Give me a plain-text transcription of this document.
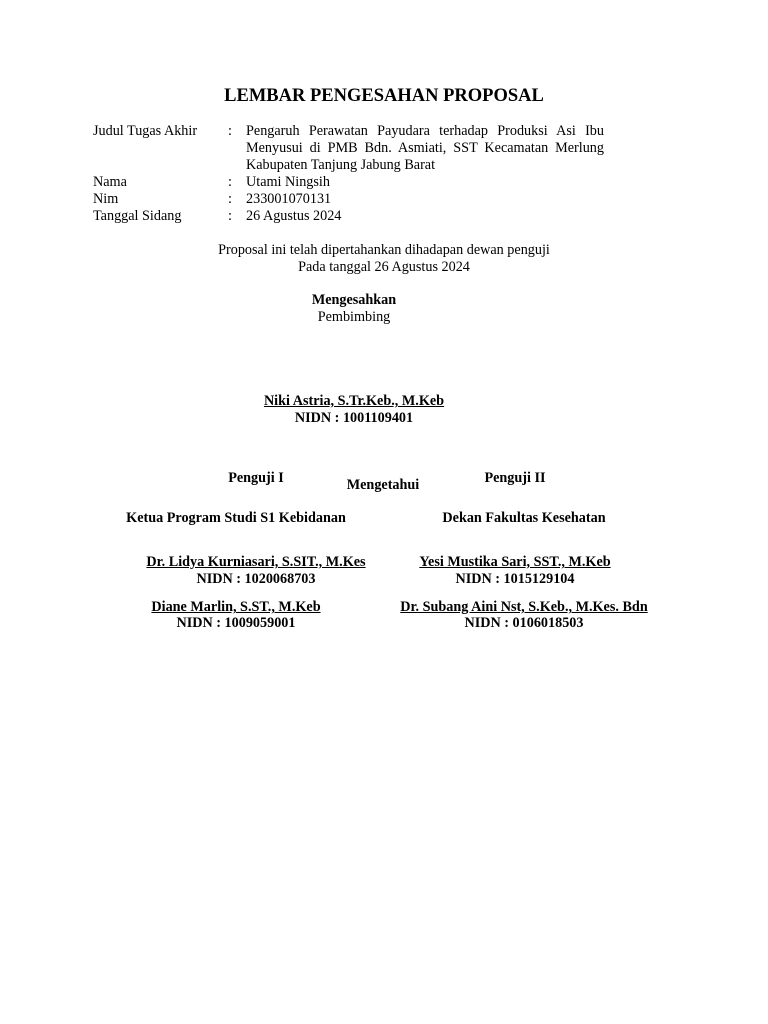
LEMBAR PENGESAHAN PROPOSAL
Judul Tugas Akhir : Pengaruh Perawatan Payudara terhadap Produksi Asi Ibu Menyusui di PMB Bdn. Asmiati, SST Kecamatan Merlung Kabupaten Tanjung Jabung Barat
Nama	: Utami Ningsih
Nim	: 233001070131
Tanggal Sidang	: 26 Agustus 2024
Proposal ini telah dipertahankan dihadapan dewan penguji
Pada tanggal 26 Agustus 2024
Mengesahkan
Pembimbing
Niki Astria, S.Tr.Keb., M.Keb
NIDN : 1001109401
Penguji I	Mengetahui	Penguji II
Ketua Program Studi S1 Kebidanan	Dekan Fakultas Kesehatan
Dr. Lidya Kurniasari, S.SIT., M.Kes
NIDN : 1020068703
Yesi Mustika Sari, SST., M.Keb
NIDN : 1015129104
Diane Marlin, S.ST., M.Keb
NIDN : 1009059001
Dr. Subang Aini Nst, S.Keb., M.Kes. Bdn
NIDN : 0106018503
